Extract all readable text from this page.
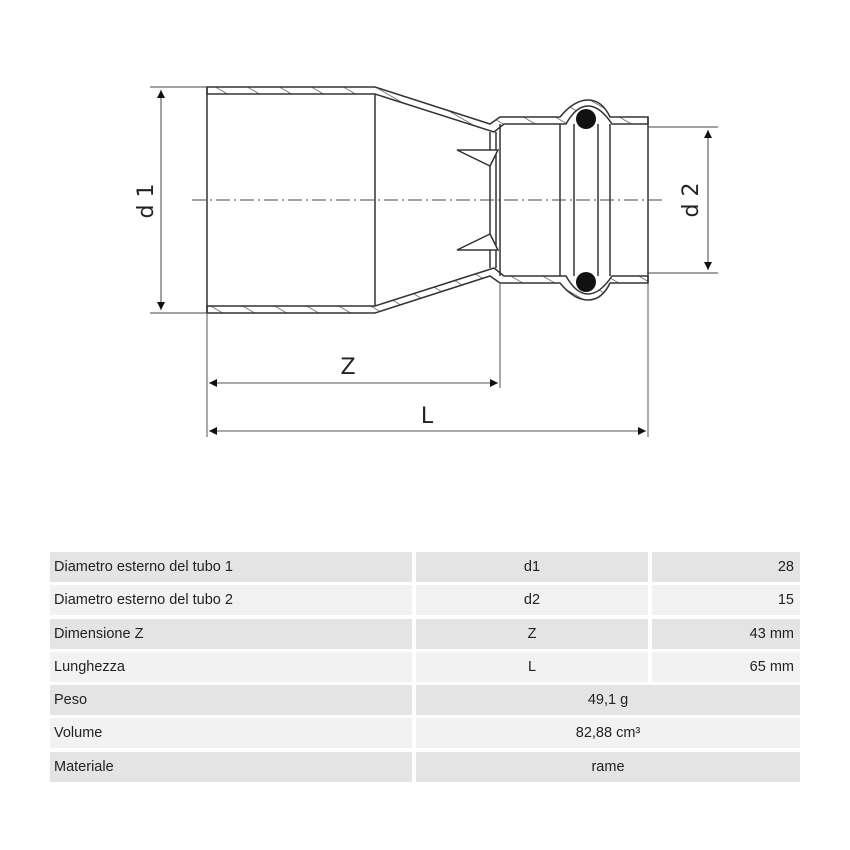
d 1	d 2
Z
L
Diametro esterno del tubo 1	d1	28
Diametro esterno del tubo 2	d2	15
Dimensione Z	Z	43 mm
Lunghezza	L	65 mm
Peso	49,1 g
Volume	82,88 cm³
Materiale	rame
